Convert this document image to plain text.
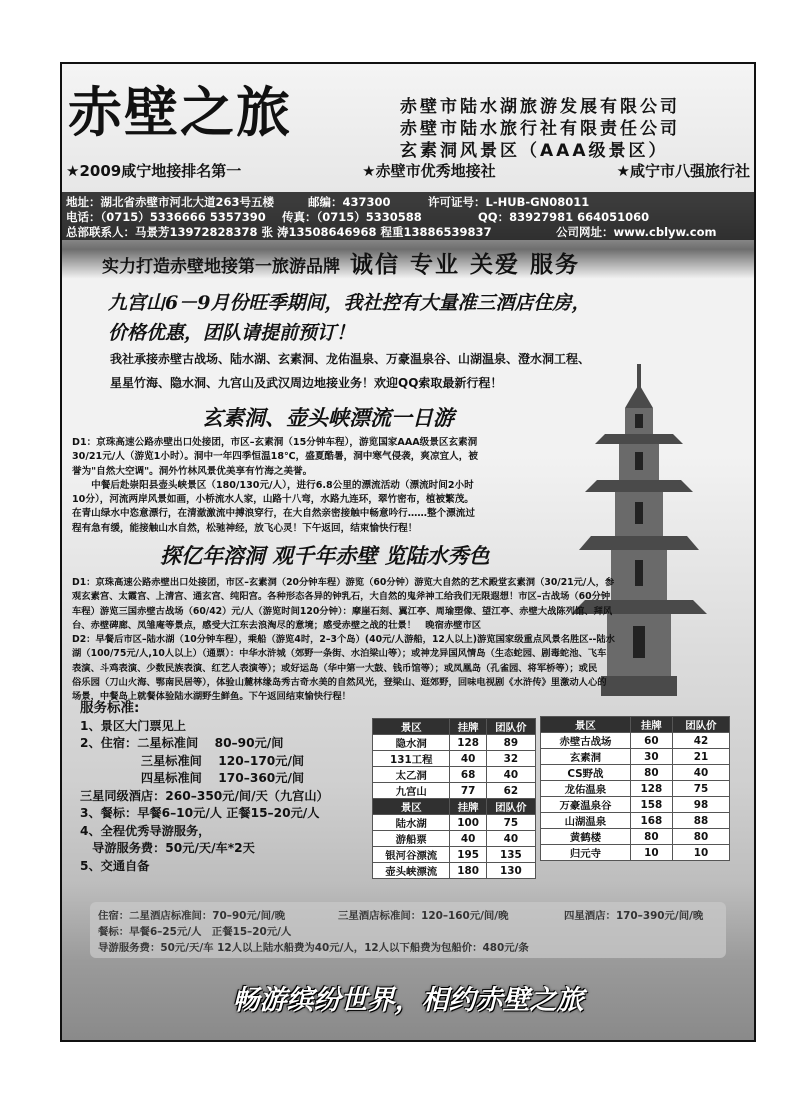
赤壁之旅	赤壁市陆水湖旅游发展有限公司
赤壁市陆水旅行社有限责任公司
玄素洞风景区（AAA级景区）
★2009咸宁地接排名第一	★赤壁市优秀地接社	★咸宁市八强旅行社
地址：湖北省赤壁市河北大道263号五楼	邮编：437300	许可证号：L-HUB-GN08011
电话：（0715）5336666 5357390 传真：（0715）5330588	QQ：83927981 664051060
总部联系人：马景芳13972828378 张 涛13508646968 程重13886539837	公司网址：www.cblyw.com
实力打造赤壁地接第一旅游品牌 诚信 专业 关爱 服务
九宫山6－9月份旺季期间，我社控有大量准三酒店住房，
价格优惠，团队请提前预订！
我社承接赤壁古战场、陆水湖、玄素洞、龙佑温泉、万豪温泉谷、山湖温泉、澄水洞工程、
星星竹海、隐水洞、九宫山及武汉周边地接业务！欢迎QQ索取最新行程！
玄素洞、壶头峡漂流一日游
D1：京珠高速公路赤壁出口处接团，市区–玄素洞（15分钟车程），游览国家AAA级景区玄素洞
30/21元/人（游览1小时）。洞中一年四季恒温18℃，盛夏酷暑，洞中寒气侵袭，爽凉宜人，被
誉为"自然大空调"。洞外竹林风景优美享有竹海之美誉。
　　中餐后赴崇阳县壶头峡景区（180/130元/人），进行6.8公里的漂流活动（漂流时间2小时
10分），河流两岸风景如画，小桥流水人家，山路十八弯，水路九连环，翠竹密布，植被繁茂。
在青山绿水中恣意漂行，在清澈激流中搏浪穿行，在大自然亲密接触中畅意吟行……整个漂流过
程有急有缓，能接触山水自然，松驰神经，放飞心灵！下午返回，结束愉快行程！
探亿年溶洞 观千年赤壁 览陆水秀色
D1：京珠高速公路赤壁出口处接团，市区–玄素洞（20分钟车程）游览（60分钟）游览大自然的艺术殿堂玄素洞（30/21元/人，参
观玄素宫、太霞宫、上清宫、通玄宫、纯阳宫。各种形态各异的钟乳石，大自然的鬼斧神工给我们无限遐想！市区–古战场（60分钟
车程）游览三国赤壁古战场（60/42）元/人（游览时间120分钟）：摩崖石刻、翼江亭、周瑜塑像、望江亭、赤壁大战陈列馆、拜风
台、赤壁碑廊、凤雏庵等景点，感受大江东去浪淘尽的意境；感受赤壁之战的壮景！　晚宿赤壁市区
D2：早餐后市区–陆水湖（10分钟车程），乘船（游览4时，2–3个岛）(40元/人游船，12人以上)游览国家级重点风景名胜区--陆水
湖（100/75元/人,10人以上）（通票）：中华水浒城（郊野一条街、水泊梁山等）；或神龙异国风情岛（生态蛇园、剧毒蛇池、飞车
表演、斗鸡表演、少数民族表演、红艺人表演等）；或好运岛（华中第一大鼓、钱币馆等）；或凤凰岛（孔雀园、将军桥等）；或民
俗乐园（刀山火海、鄂南民居等），体验山麓林缘岛秀古奇水美的自然风光，登梁山、逛郊野，回味电视剧《水浒传》里激动人心的
场景，中餐岛上就餐体验陆水湖野生鲜鱼。下午返回结束愉快行程！
服务标准:
1、景区大门票见上
2、住宿：二星标准间　 80–90元/间
　　　　　三星标准间　 120–170元/间
　　　　　四星标准间　 170–360元/间
三星同级酒店：260–350元/间/天（九宫山）
3、餐标：早餐6–10元/人 正餐15–20元/人
4、全程优秀导游服务，
　导游服务费：50元/天/车*2天
5、交通自备
景区	挂牌	团队价
隐水洞	128	89
131工程	40	32
太乙洞	68	40
九宫山	77	62
景区	挂牌	团队价
陆水湖	100	75
游船票	40	40
银河谷漂流	195	135
壶头峡漂流	180	130
景区	挂牌	团队价
赤壁古战场	60	42
玄素洞	30	21
CS野战	80	40
龙佑温泉	128	75
万豪温泉谷	158	98
山湖温泉	168	88
黄鹤楼	80	80
归元寺	10	10
住宿：二星酒店标准间：70–90元/间/晚	三星酒店标准间：120–160元/间/晚	四星酒店：170–390元/间/晚
餐标：早餐6–25元/人　正餐15–20元/人
导游服务费：50元/天/车 12人以上陆水船费为40元/人，12人以下船费为包船价：480元/条
畅游缤纷世界，相约赤壁之旅
